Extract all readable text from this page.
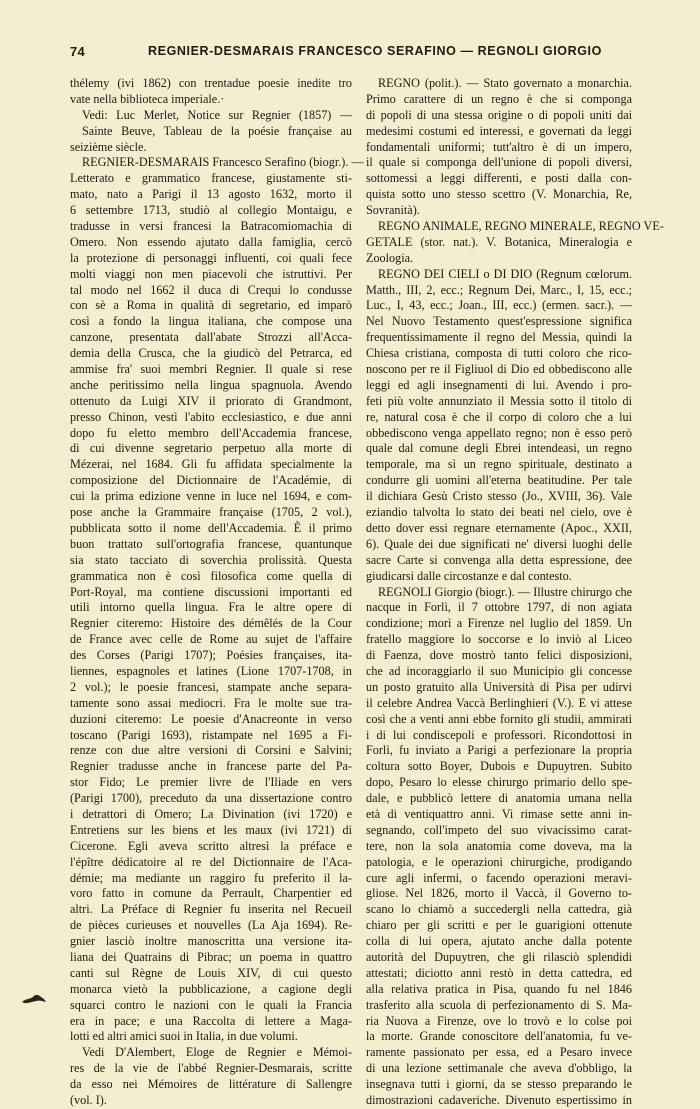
74	REGNIER-DESMARAIS FRANCESCO SERAFINO — REGNOLI GIORGIO
thélemy (ivi 1862) con trentadue poesie inedite tro
vate nella biblioteca imperiale.·
Vedi: Luc Merlet, Notice sur Regnier (1857) —
Sainte Beuve, Tableau de la poésie française au
seizième siècle.
REGNIER-DESMARAIS Francesco Serafino (biogr.). —
Letterato e grammatico francese, giustamente sti-
mato, nato a Parigi il 13 agosto 1632, morto il
6 settembre 1713, studiò al collegio Montaigu, e
tradusse in versi francesi la Batracomiomachia di
Omero. Non essendo ajutato dalla famiglia, cercò
la protezione di personaggi influenti, coi quali fece
molti viaggi non men piacevoli che istruttivi. Per
tal modo nel 1662 il duca di Crequi lo condusse
con sè a Roma in qualità di segretario, ed imparò
così a fondo la lingua italiana, che compose una
canzone, presentata dall'abate Strozzi all'Acca-
demia della Crusca, che la giudicò del Petrarca, ed
ammise fra' suoi membri Regnier. Il quale si rese
anche peritissimo nella lingua spagnuola. Avendo
ottenuto da Luigi XIV il priorato di Grandmont,
presso Chinon, vestì l'abito ecclesiastico, e due anni
dopo fu eletto membro dell'Accademia francese,
di cui divenne segretario perpetuo alla morte di
Mézerai, nel 1684. Gli fu affidata specialmente la
composizione del Dictionnaire de l'Académie, di
cui la prima edizione venne in luce nel 1694, e com-
pose anche la Grammaire française (1705, 2 vol.),
pubblicata sotto il nome dell'Accademia. È il primo
buon trattato sull'ortografia francese, quantunque
sia stato tacciato di soverchia prolissità. Questa
grammatica non è così filosofica come quella di
Port-Royal, ma contiene discussioni importanti ed
utili intorno quella lingua. Fra le altre opere di
Regnier citeremo: Histoire des démêlés de la Cour
de France avec celle de Rome au sujet de l'affaire
des Corses (Parigi 1707); Poésies françaises, ita-
liennes, espagnoles et latines (Lione 1707-1708, in
2 vol.); le poesie francesi, stampate anche separa-
tamente sono assai mediocri. Fra le molte sue tra-
duzioni citeremo: Le poesie d'Anacreonte in verso
toscano (Parigi 1693), ristampate nel 1695 a Fi-
renze con due altre versioni di Corsini e Salvini;
Regnier tradusse anche in francese parte del Pa-
stor Fido; Le premier livre de l'Iliade en vers
(Parigi 1700), preceduto da una dissertazione contro
i detrattori di Omero; La Divination (ivi 1720) e
Entretiens sur les biens et les maux (ivi 1721) di
Cicerone. Egli aveva scritto altresì la préface e
l'épître dédicatoire al re del Dictionnaire de l'Aca-
démie; ma mediante un raggiro fu preferito il la-
voro fatto in comune da Perrault, Charpentier ed
altri. La Préface di Regnier fu inserita nel Recueil
de pièces curieuses et nouvelles (La Aja 1694). Re-
gnier lasciò inoltre manoscritta una versione ita-
liana dei Quatrains di Pibrac; un poema in quattro
canti sul Règne de Louis XIV, di cui questo
monarca vietò la pubblicazione, a cagione degli
squarci contro le nazioni con le quali la Francia
era in pace; e una Raccolta di lettere a Maga-
lotti ed altri amici suoi in Italia, in due volumi.
Vedi D'Alembert, Eloge de Regnier e Mémoi-
res de la vie de l'abbé Regnier-Desmarais, scritte
da esso nei Mémoires de littérature di Sallengre
(vol. I).
REGNO (polit.). — Stato governato a monarchia.
Primo carattere di un regno è che si componga
di popoli di una stessa origine o di popoli uniti dai
medesimi costumi ed interessi, e governati da leggi
fondamentali uniformi; tutt'altro è di un impero,
il quale si componga dell'unione di popoli diversi,
sottomessi a leggi differenti, e posti dalla con-
quista sotto uno stesso scettro (V. Monarchia, Re,
Sovranità).
REGNO ANIMALE, REGNO MINERALE, REGNO VE-
GETALE (stor. nat.). V. Botanica, Mineralogia e
Zoologia.
REGNO DEI CIELI o DI DIO (Regnum cœlorum.
Matth., III, 2, ecc.; Regnum Dei, Marc., I, 15, ecc.;
Luc., I, 43, ecc.; Joan., III, ecc.) (ermen. sacr.). —
Nel Nuovo Testamento quest'espressione significa
frequentissimamente il regno del Messia, quindi la
Chiesa cristiana, composta di tutti coloro che rico-
noscono per re il Figliuol di Dio ed obbediscono alle
leggi ed agli insegnamenti di lui. Avendo i pro-
feti più volte annunziato il Messia sotto il titolo di
re, natural cosa è che il corpo di coloro che a lui
obbediscono venga appellato regno; non è esso però
quale dal comune degli Ebrei intendeasi, un regno
temporale, ma sì un regno spirituale, destinato a
condurre gli uomini all'eterna beatitudine. Per tale
il dichiara Gesù Cristo stesso (Jo., XVIII, 36). Vale
eziandio talvolta lo stato dei beati nel cielo, ove è
detto dover essi regnare eternamente (Apoc., XXII,
6). Quale dei due significati ne' diversi luoghi delle
sacre Carte si convenga alla detta espressione, dee
giudicarsi dalle circostanze e dal contesto.
REGNOLI Giorgio (biogr.). — Illustre chirurgo che
nacque in Forlì, il 7 ottobre 1797, di non agiata
condizione; morì a Firenze nel luglio del 1859. Un
fratello maggiore lo soccorse e lo inviò al Liceo
di Faenza, dove mostrò tanto felici disposizioni,
che ad incoraggiarlo il suo Municipio gli concesse
un posto gratuito alla Università di Pisa per udirvi
il celebre Andrea Vaccà Berlinghieri (V.). E vi attese
così che a venti anni ebbe fornito gli studii, ammirati
i di lui condiscepoli e professori. Ricondottosi in
Forlì, fu inviato a Parigi a perfezionare la propria
coltura sotto Boyer, Dubois e Dupuytren. Subito
dopo, Pesaro lo elesse chirurgo primario dello spe-
dale, e pubblicò lettere di anatomia umana nella
età di ventiquattro anni. Vi rimase sette anni in-
segnando, coll'impeto del suo vivacissimo carat-
tere, non la sola anatomia come doveva, ma la
patologia, e le operazioni chirurgiche, prodigando
cure agli infermi, o facendo operazioni meravi-
gliose. Nel 1826, morto il Vaccà, il Governo to-
scano lo chiamò a succedergli nella cattedra, già
chiaro per gli scritti e per le guarigioni ottenute
colla di lui opera, ajutato anche dalla potente
autorità del Dupuytren, che gli rilasciò splendidi
attestati; diciotto anni restò in detta cattedra, ed
alla relativa pratica in Pisa, quando fu nel 1846
trasferito alla scuola di perfezionamento di S. Ma-
ria Nuova a Firenze, ove lo trovò e lo colse poi
la morte. Grande conoscitore dell'anatomia, fu ve-
ramente passionato per essa, ed a Pesaro invece
di una lezione settimanale che aveva d'obbligo, la
insegnava tutti i giorni, da se stesso preparando le
dimostrazioni cadaveriche. Divenuto espertissimo in
